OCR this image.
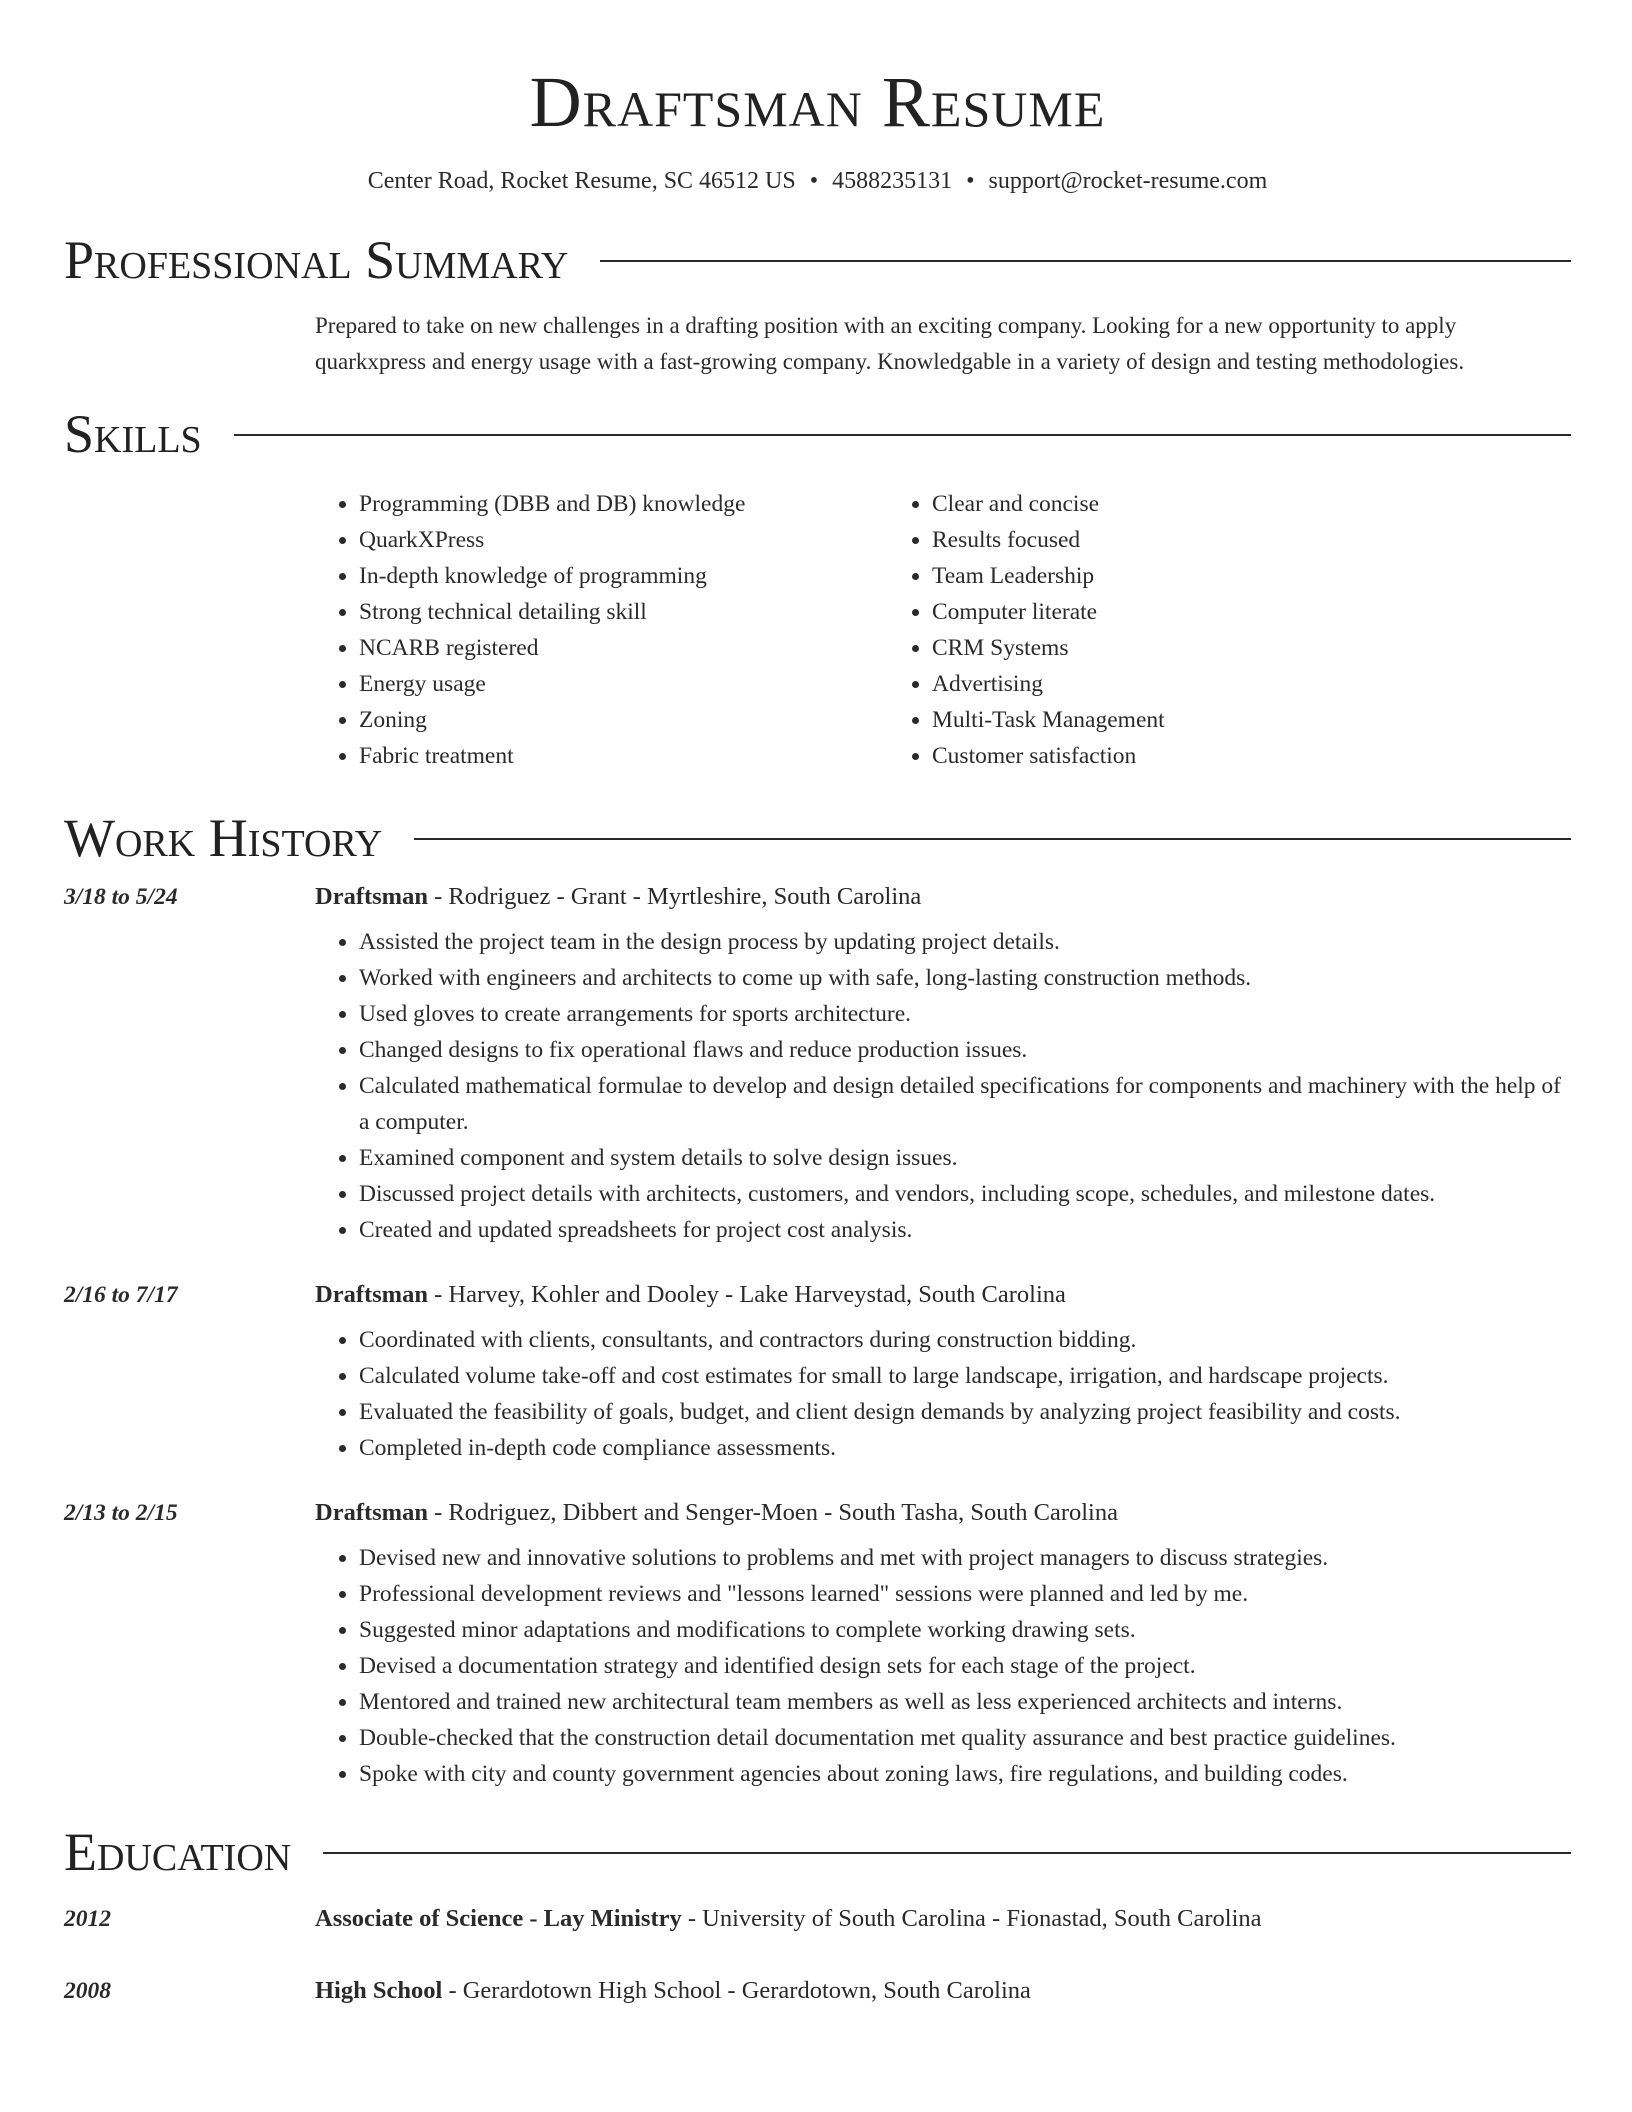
Draftsman Resume
Center Road, Rocket Resume, SC 46512 US • 4588235131 • support@rocket-resume.com
Professional Summary
Prepared to take on new challenges in a drafting position with an exciting company. Looking for a new opportunity to apply quarkxpress and energy usage with a fast-growing company. Knowledgable in a variety of design and testing methodologies.
Skills
• Programming (DBB and DB) knowledge
• QuarkXPress
• In-depth knowledge of programming
• Strong technical detailing skill
• NCARB registered
• Energy usage
• Zoning
• Fabric treatment
• Clear and concise
• Results focused
• Team Leadership
• Computer literate
• CRM Systems
• Advertising
• Multi-Task Management
• Customer satisfaction
Work History
3/18 to 5/24	Draftsman - Rodriguez - Grant - Myrtleshire, South Carolina
• Assisted the project team in the design process by updating project details.
• Worked with engineers and architects to come up with safe, long-lasting construction methods.
• Used gloves to create arrangements for sports architecture.
• Changed designs to fix operational flaws and reduce production issues.
• Calculated mathematical formulae to develop and design detailed specifications for components and machinery with the help of a computer.
• Examined component and system details to solve design issues.
• Discussed project details with architects, customers, and vendors, including scope, schedules, and milestone dates.
• Created and updated spreadsheets for project cost analysis.
2/16 to 7/17	Draftsman - Harvey, Kohler and Dooley - Lake Harveystad, South Carolina
• Coordinated with clients, consultants, and contractors during construction bidding.
• Calculated volume take-off and cost estimates for small to large landscape, irrigation, and hardscape projects.
• Evaluated the feasibility of goals, budget, and client design demands by analyzing project feasibility and costs.
• Completed in-depth code compliance assessments.
2/13 to 2/15	Draftsman - Rodriguez, Dibbert and Senger-Moen - South Tasha, South Carolina
• Devised new and innovative solutions to problems and met with project managers to discuss strategies.
• Professional development reviews and "lessons learned" sessions were planned and led by me.
• Suggested minor adaptations and modifications to complete working drawing sets.
• Devised a documentation strategy and identified design sets for each stage of the project.
• Mentored and trained new architectural team members as well as less experienced architects and interns.
• Double-checked that the construction detail documentation met quality assurance and best practice guidelines.
• Spoke with city and county government agencies about zoning laws, fire regulations, and building codes.
Education
2012	Associate of Science - Lay Ministry - University of South Carolina - Fionastad, South Carolina
2008	High School - Gerardotown High School - Gerardotown, South Carolina
